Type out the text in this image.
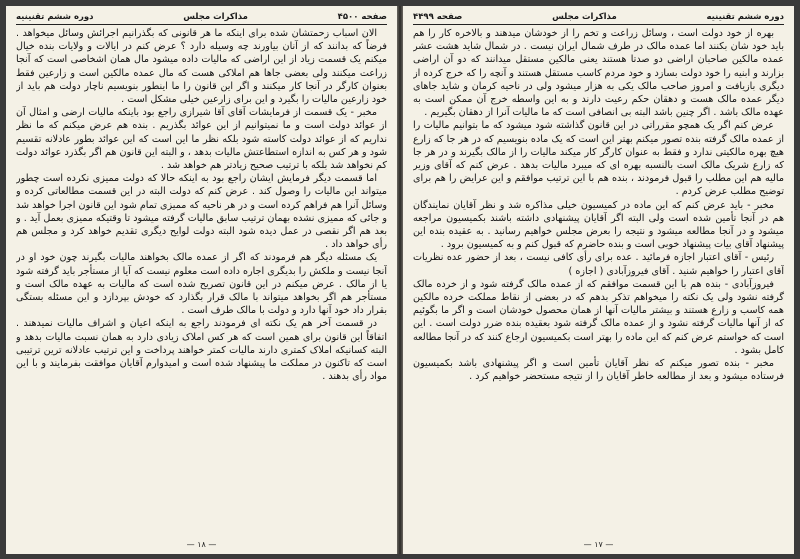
دوره ششم تقنینیه
مذاکرات مجلس
صفحه ۴۴۹۹

بهره از خود دولت است ، وسائل زراعت و تخم را از خودشان میدهند و بالاخره کار را هم باید خود شان بکنند اما عمده مالک در طرف شمال ایران نیست . در شمال شاید هشت عشر عمده مالکین صاحبان اراضی دو صدتا هستند یعنی مالکین مستقل میدانند که دو آن اراضی بزارند و ابنیه را خود دولت بسازد و خود مردم کاسب مستقل هستند و آنچه را که خرج کرده از دیگری بازیافت و امروز صاحب مالک یکی به هزار میشود ولی در ناحیه کرمان و شاید جاهای دیگر عمده مالک هست و دهقان حکم رعیت دارند و به این واسطه خرج آن ممکن است به عهده مالک باشد . اگر چنین باشد البته بی انصافی است که ما مالیات آنرا از دهقان بگیریم .

عرض کنم اگر یک همچو مقرراتی در این قانون گذاشته شود میشود که ما بتوانیم مالیات را از عمده مالک گرفته بنده تصور میکنم بهتر این است که یک ماده بنویسیم که در هر جا که زارع هیچ بهره مالکیتی ندارد و فقط به عنوان کارگر کار میکند مالیات را از مالک بگیرند و در هر جا که زارع شریک مالک است بالنسبه بهره ای که میبرد مالیات بدهد . عرض کنم که آقای وزیر مالیه هم این مطلب را قبول فرمودند ، بنده هم با این ترتیب موافقم و این عرایض را هم برای توضیح مطلب عرض کردم .

مخبر - باید عرض کنم که این ماده در کمیسیون خیلی مذاکره شد و نظر آقایان نمایندگان هم در آنجا تأمین شده است ولی البته اگر آقایان پیشنهادی داشته باشند بکمیسیون مراجعه میشود و در آنجا مطالعه میشود و نتیجه را بعرض مجلس خواهیم رسانید . به عقیده بنده این پیشنهاد آقای بیات پیشنهاد خوبی است و بنده حاضرم که قبول کنم و به کمیسیون برود .

رئیس - آقای اعتبار اجازه فرمائید . عده برای رأی کافی نیست ، بعد از حضور عده نظریات آقای اعتبار را خواهیم شنید . آقای فیروزآبادی ( اجازه )

فیروزآبادی - بنده هم با این قسمت موافقم که از عمده مالک گرفته شود و از خرده مالک گرفته نشود ولی یک نکته را میخواهم تذکر بدهم که در بعضی از نقاط مملکت خرده مالکین همه کاسب و زارع هستند و بیشتر مالیات آنها از همان محصول خودشان است و اگر ما بگوئیم که از آنها مالیات گرفته نشود و از عمده مالک گرفته شود بعقیده بنده ضرر دولت است . این است که خواستم عرض کنم که این ماده را بهتر است بکمیسیون ارجاع کنند که در آنجا مطالعه کامل بشود .

مخبر - بنده تصور میکنم که نظر آقایان تأمین است و اگر پیشنهادی باشد بکمیسیون فرستاده میشود و بعد از مطالعه خاطر آقایان را از نتیجه مستحضر خواهیم کرد .

— ۱۷ —
صفحه ۴۵۰۰
مذاکرات مجلس
دوره ششم تقنینیه

الان اسباب زحمتشان شده برای اینکه ما هر قانونی که بگذرانیم اجرائش وسائل میخواهد . فرضاً که بدانند که از آنان بیاورند چه وسیله دارد ؟ عرض کنم در ایالات و ولایات بنده خیال میکنم یک قسمت زیاد از این اراضی که مالیات داده میشود مال همان اشخاصی است که آنجا زراعت میکنند ولی بعضی جاها هم املاکی هست که مال عمده مالکین است و زارعین فقط بعنوان کارگر در آنجا کار میکنند و اگر این قانون را ما اینطور بنویسیم ناچار دولت هم باید از خود زارعین مالیات را بگیرد و این برای زارعین خیلی مشکل است .

مخبر - یک قسمت از فرمایشات آقای آقا شیرازی راجع بود باینکه مالیات ارضی و امثال آن از عوائد دولت است و ما نمیتوانیم از این عوائد بگذریم . بنده هم عرض میکنم که ما نظر نداریم که از عوائد دولت کاسته شود بلکه نظر ما این است که این عوائد بطور عادلانه تقسیم شود و هر کس به اندازه استطاعتش مالیات بدهد ، و البته این قانون هم اگر بگذرد عوائد دولت کم نخواهد شد بلکه با ترتیب صحیح زیادتر هم خواهد شد .

اما قسمت دیگر فرمایش ایشان راجع بود به اینکه حالا که دولت ممیزی نکرده است چطور میتواند این مالیات را وصول کند . عرض کنم که دولت البته در این قسمت مطالعاتی کرده و وسائل آنرا هم فراهم کرده است و در هر ناحیه که ممیزی تمام شود این قانون اجرا خواهد شد و جائی که ممیزی نشده بهمان ترتیب سابق مالیات گرفته میشود تا وقتیکه ممیزی بعمل آید . و بعد هم اگر نقصی در عمل دیده شود البته دولت لوایح دیگری تقدیم خواهد کرد و مجلس هم رأی خواهد داد .

یک مسئله دیگر هم فرمودند که اگر از عمده مالک بخواهند مالیات بگیرند چون خود او در آنجا نیست و ملکش را بدیگری اجاره داده است معلوم نیست که آیا از مستأجر باید گرفته شود یا از مالک . عرض میکنم در این قانون تصریح شده است که مالیات به عهده مالک است و مستأجر هم اگر بخواهد میتواند با مالک قرار بگذارد که خودش بپردازد و این مسئله بستگی بقرار داد خود آنها دارد و دولت با مالک طرف است .

در قسمت آخر هم یک نکته ای فرمودند راجع به اینکه اعیان و اشراف مالیات نمیدهند . اتفاقاً این قانون برای همین است که هر کس املاک زیادی دارد به همان نسبت مالیات بدهد و البته کسانیکه املاک کمتری دارند مالیات کمتر خواهند پرداخت و این ترتیب عادلانه ترین ترتیبی است که تاکنون در مملکت ما پیشنهاد شده است و امیدوارم آقایان موافقت بفرمایند و با این مواد رأی بدهند .

— ۱۸ —
